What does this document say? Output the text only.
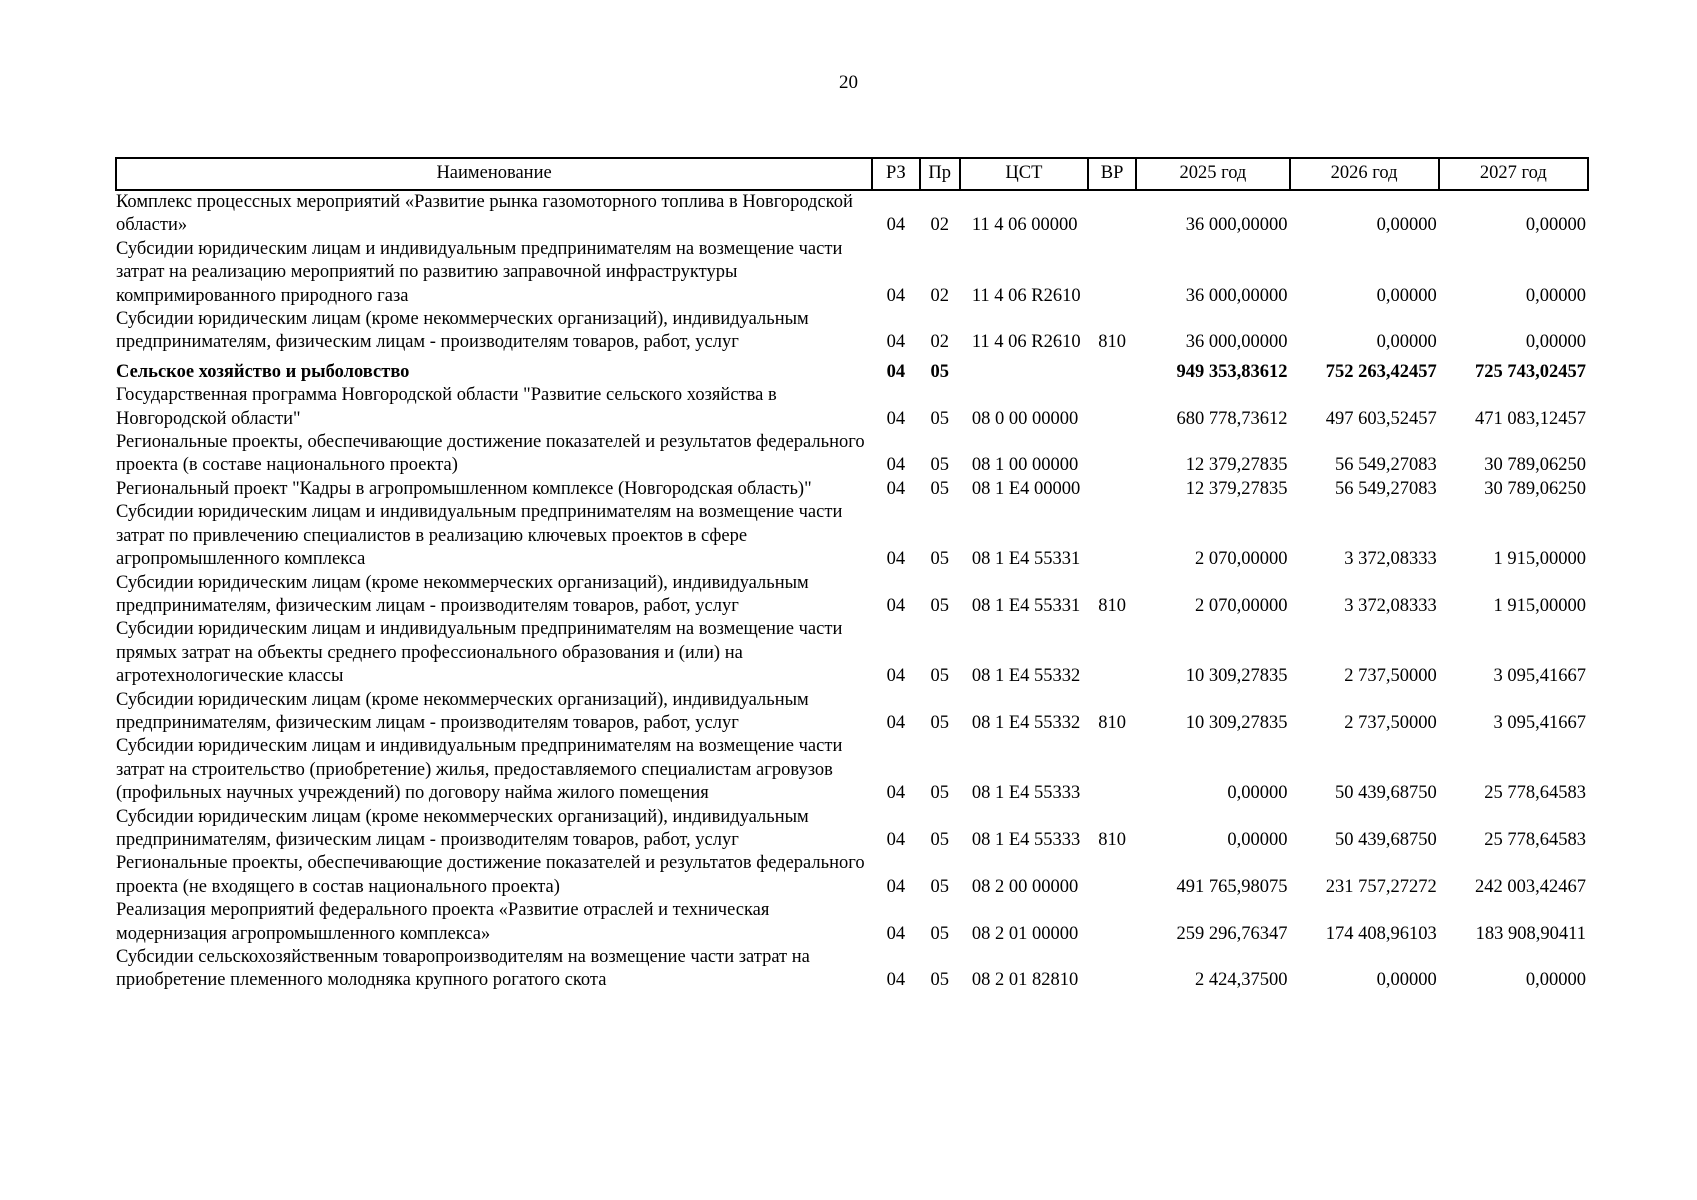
20
Наименование	РЗ	Пр	ЦСТ	ВР	2025 год	2026 год	2027 год
Комплекс процессных мероприятий «Развитие рынка газомоторного топлива в Новгородской области»	04	02	11 4 06 00000		36 000,00000	0,00000	0,00000
Субсидии юридическим лицам и индивидуальным предпринимателям на возмещение части затрат на реализацию мероприятий по развитию заправочной инфраструктуры компримированного природного газа	04	02	11 4 06 R2610		36 000,00000	0,00000	0,00000
Субсидии юридическим лицам (кроме некоммерческих организаций), индивидуальным предпринимателям, физическим лицам - производителям товаров, работ, услуг	04	02	11 4 06 R2610	810	36 000,00000	0,00000	0,00000
Сельское хозяйство и рыболовство	04	05			949 353,83612	752 263,42457	725 743,02457
Государственная программа Новгородской области "Развитие сельского хозяйства в Новгородской области"	04	05	08 0 00 00000		680 778,73612	497 603,52457	471 083,12457
Региональные проекты, обеспечивающие достижение показателей и результатов федерального проекта (в составе национального проекта)	04	05	08 1 00 00000		12 379,27835	56 549,27083	30 789,06250
Региональный проект "Кадры в агропромышленном комплексе (Новгородская область)"	04	05	08 1 Е4 00000		12 379,27835	56 549,27083	30 789,06250
Субсидии юридическим лицам и индивидуальным предпринимателям на возмещение части затрат по привлечению специалистов в реализацию ключевых проектов в сфере агропромышленного комплекса	04	05	08 1 Е4 55331		2 070,00000	3 372,08333	1 915,00000
Субсидии юридическим лицам (кроме некоммерческих организаций), индивидуальным предпринимателям, физическим лицам - производителям товаров, работ, услуг	04	05	08 1 Е4 55331	810	2 070,00000	3 372,08333	1 915,00000
Субсидии юридическим лицам и индивидуальным предпринимателям на возмещение части прямых затрат на объекты среднего профессионального образования и (или) на агротехнологические классы	04	05	08 1 Е4 55332		10 309,27835	2 737,50000	3 095,41667
Субсидии юридическим лицам (кроме некоммерческих организаций), индивидуальным предпринимателям, физическим лицам - производителям товаров, работ, услуг	04	05	08 1 Е4 55332	810	10 309,27835	2 737,50000	3 095,41667
Субсидии юридическим лицам и индивидуальным предпринимателям на возмещение части затрат на строительство (приобретение) жилья, предоставляемого специалистам агровузов (профильных научных учреждений) по договору найма жилого помещения	04	05	08 1 Е4 55333		0,00000	50 439,68750	25 778,64583
Субсидии юридическим лицам (кроме некоммерческих организаций), индивидуальным предпринимателям, физическим лицам - производителям товаров, работ, услуг	04	05	08 1 Е4 55333	810	0,00000	50 439,68750	25 778,64583
Региональные проекты, обеспечивающие достижение показателей и результатов федерального проекта (не входящего в состав национального проекта)	04	05	08 2 00 00000		491 765,98075	231 757,27272	242 003,42467
Реализация мероприятий федерального проекта «Развитие отраслей и техническая модернизация агропромышленного комплекса»	04	05	08 2 01 00000		259 296,76347	174 408,96103	183 908,90411
Субсидии сельскохозяйственным товаропроизводителям на возмещение части затрат на приобретение племенного молодняка крупного рогатого скота	04	05	08 2 01 82810		2 424,37500	0,00000	0,00000
